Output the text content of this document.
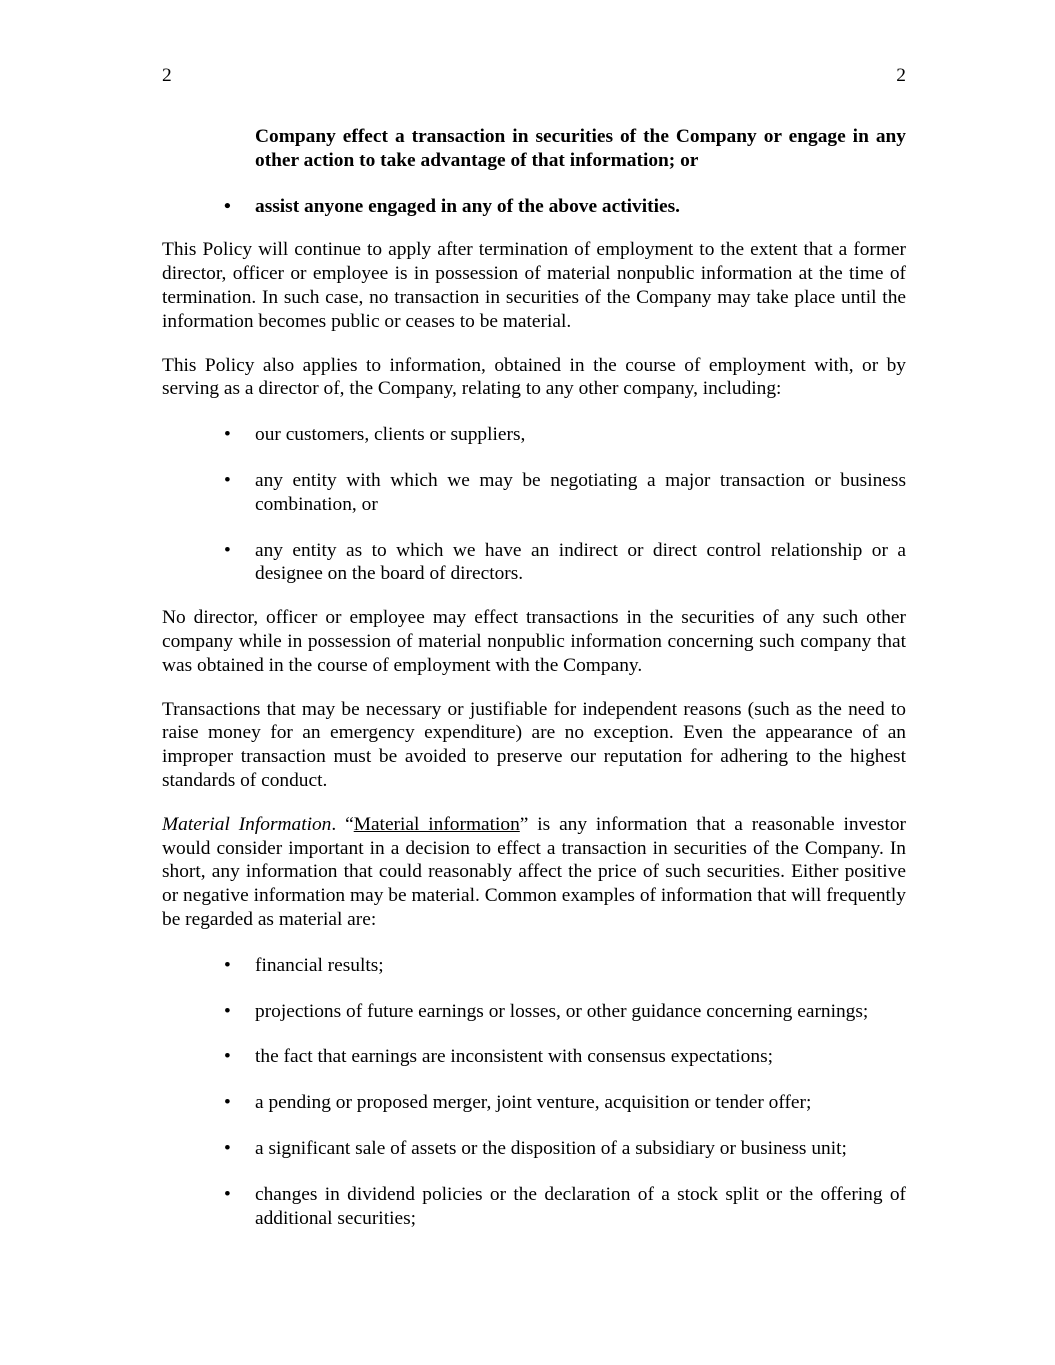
2	2

Company effect a transaction in securities of the Company or engage in any other action to take advantage of that information; or

• assist anyone engaged in any of the above activities.

This Policy will continue to apply after termination of employment to the extent that a former director, officer or employee is in possession of material nonpublic information at the time of termination. In such case, no transaction in securities of the Company may take place until the information becomes public or ceases to be material.

This Policy also applies to information, obtained in the course of employment with, or by serving as a director of, the Company, relating to any other company, including:

• our customers, clients or suppliers,
• any entity with which we may be negotiating a major transaction or business combination, or
• any entity as to which we have an indirect or direct control relationship or a designee on the board of directors.

No director, officer or employee may effect transactions in the securities of any such other company while in possession of material nonpublic information concerning such company that was obtained in the course of employment with the Company.

Transactions that may be necessary or justifiable for independent reasons (such as the need to raise money for an emergency expenditure) are no exception. Even the appearance of an improper transaction must be avoided to preserve our reputation for adhering to the highest standards of conduct.

Material Information. “Material information” is any information that a reasonable investor would consider important in a decision to effect a transaction in securities of the Company. In short, any information that could reasonably affect the price of such securities. Either positive or negative information may be material. Common examples of information that will frequently be regarded as material are:

• financial results;
• projections of future earnings or losses, or other guidance concerning earnings;
• the fact that earnings are inconsistent with consensus expectations;
• a pending or proposed merger, joint venture, acquisition or tender offer;
• a significant sale of assets or the disposition of a subsidiary or business unit;
• changes in dividend policies or the declaration of a stock split or the offering of additional securities;
